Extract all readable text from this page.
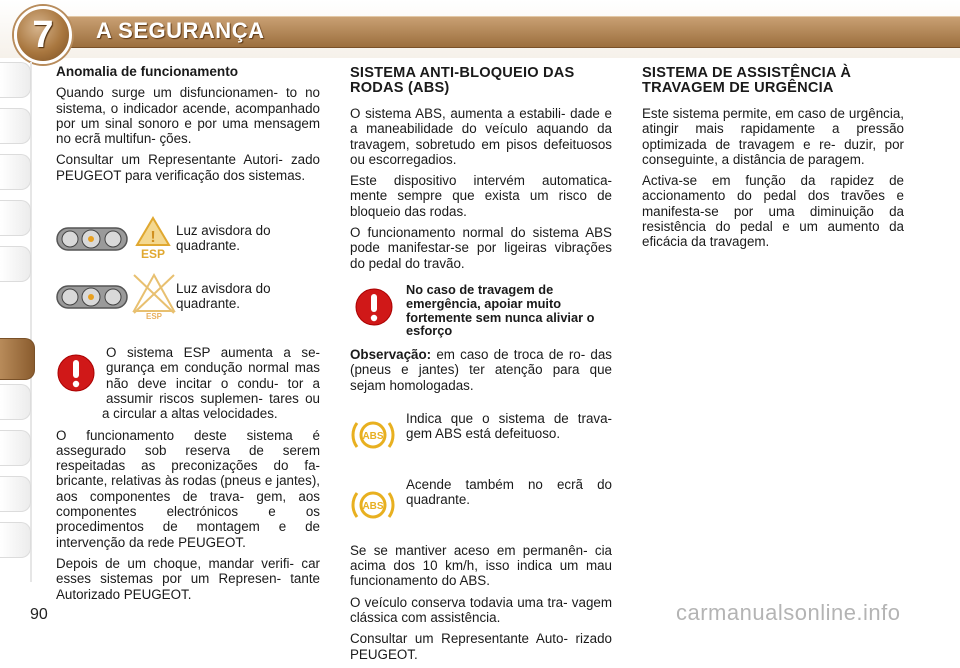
7	A SEGURANÇA
Anomalia de funcionamento

Quando surge um disfuncionamen- to no sistema, o indicador acende, acompanhado por um sinal sonoro e por uma mensagem no ecrã multifun- ções.

Consultar um Representante Autori- zado PEUGEOT para verificação dos sistemas.

!
ESP
Luz avisdora do quadrante.
ESP
Luz avisdora do quadrante.

O sistema ESP aumenta a se- gurança em condução normal mas não deve incitar o condu- tor a assumir riscos suplemen- tares ou a circular a altas velocidades.

O funcionamento deste sistema é assegurado sob reserva de serem respeitadas as preconizações do fa- bricante, relativas às rodas (pneus e jantes), aos componentes de trava- gem, aos componentes electrónicos e os procedimentos de montagem e de intervenção da rede PEUGEOT.

Depois de um choque, mandar verifi- car esses sistemas por um Represen- tante Autorizado PEUGEOT.

SISTEMA ANTI-BLOQUEIO DAS RODAS (ABS)

O sistema ABS, aumenta a estabili- dade e a maneabilidade do veículo aquando da travagem, sobretudo em pisos defeituosos ou escorregadios.

Este dispositivo intervém automatica- mente sempre que exista um risco de bloqueio das rodas.

O funcionamento normal do sistema ABS pode manifestar-se por ligeiras vibrações do pedal do travão.

No caso de travagem de emergência, apoiar muito fortemente sem nunca aliviar o esforço

Observação: em caso de troca de ro- das (pneus e jantes) ter atenção para que sejam homologadas.

ABS
Indica que o sistema de trava- gem ABS está defeituoso.
ABS
Acende também no ecrã do quadrante.

Se se mantiver aceso em permanên- cia acima dos 10 km/h, isso indica um mau funcionamento do ABS.

O veículo conserva todavia uma tra- vagem clássica com assistência.

Consultar um Representante Auto- rizado PEUGEOT.

SISTEMA DE ASSISTÊNCIA À TRAVAGEM DE URGÊNCIA

Este sistema permite, em caso de urgência, atingir mais rapidamente a pressão optimizada de travagem e re- duzir, por conseguinte, a distância de paragem.

Activa-se em função da rapidez de accionamento do pedal dos travões e manifesta-se por uma diminuição da resistência do pedal e um aumento da eficácia da travagem.

90	carmanualsonline.info
